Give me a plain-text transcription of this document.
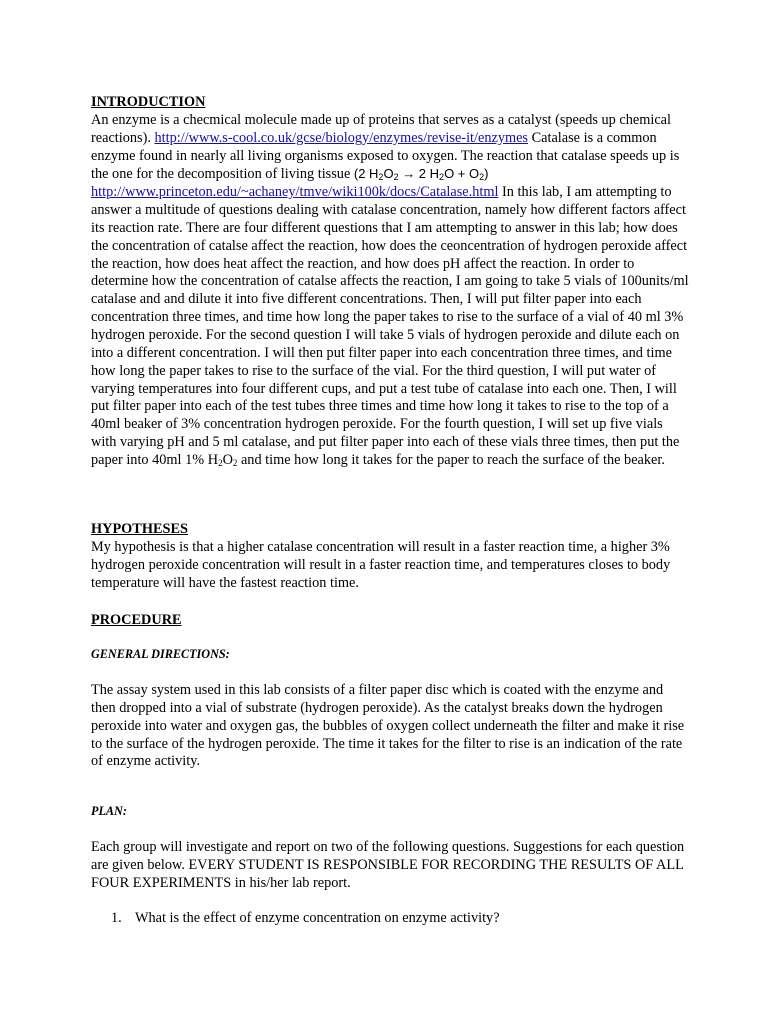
INTRODUCTION

An enzyme is a checmical molecule made up of proteins that serves as a catalyst (speeds up chemical reactions). http://www.s-cool.co.uk/gcse/biology/enzymes/revise-it/enzymes Catalase is a common enzyme found in nearly all living organisms exposed to oxygen. The reaction that catalase speeds up is the one for the decomposition of living tissue (2 $H_2O_2 \to 2$ $H_2O + O_2$) http://www.princeton.edu/~achaney/tmve/wiki100k/docs/Catalase.html In this lab, I am attempting to answer a multitude of questions dealing with catalase concentration, namely how different factors affect its reaction rate. There are four different questions that I am attempting to answer in this lab; how does the concentration of catalse affect the reaction, how does the ceoncentration of hydrogen peroxide affect the reaction, how does heat affect the reaction, and how does pH affect the reaction. In order to determine how the concentration of catalse affects the reaction, I am going to take 5 vials of 100units/ml catalase and and dilute it into five different concentrations. Then, I will put filter paper into each concentration three times, and time how long the paper takes to rise to the surface of a vial of 40 ml 3% hydrogen peroxide. For the second question I will take 5 vials of hydrogen peroxide and dilute each on into a different concentration. I will then put filter paper into each concentration three times, and time how long the paper takes to rise to the surface of the vial. For the third question, I will put water of varying temperatures into four different cups, and put a test tube of catalase into each one. Then, I will put filter paper into each of the test tubes three times and time how long it takes to rise to the top of a 40ml beaker of 3% concentration hydrogen peroxide. For the fourth question, I will set up five vials with varying pH and 5 ml catalase, and put filter paper into each of these vials three times, then put the paper into 40ml 1% $H_2O_2$ and time how long it takes for the paper to reach the surface of the beaker.

HYPOTHESES

My hypothesis is that a higher catalase concentration will result in a faster reaction time, a higher 3% hydrogen peroxide concentration will result in a faster reaction time, and temperatures closes to body temperature will have the fastest reaction time.

PROCEDURE
GENERAL DIRECTIONS:
The assay system used in this lab consists of a filter paper disc which is coated with the enzyme and then dropped into a vial of substrate (hydrogen peroxide). As the catalyst breaks down the hydrogen peroxide into water and oxygen gas, the bubbles of oxygen collect underneath the filter and make it rise to the surface of the hydrogen peroxide. The time it takes for the filter to rise is an indication of the rate of enzyme activity.
PLAN:
Each group will investigate and report on two of the following questions. Suggestions for each question are given below. EVERY STUDENT IS RESPONSIBLE FOR RECORDING THE RESULTS OF ALL FOUR EXPERIMENTS in his/her lab report.
1. What is the effect of enzyme concentration on enzyme activity?
